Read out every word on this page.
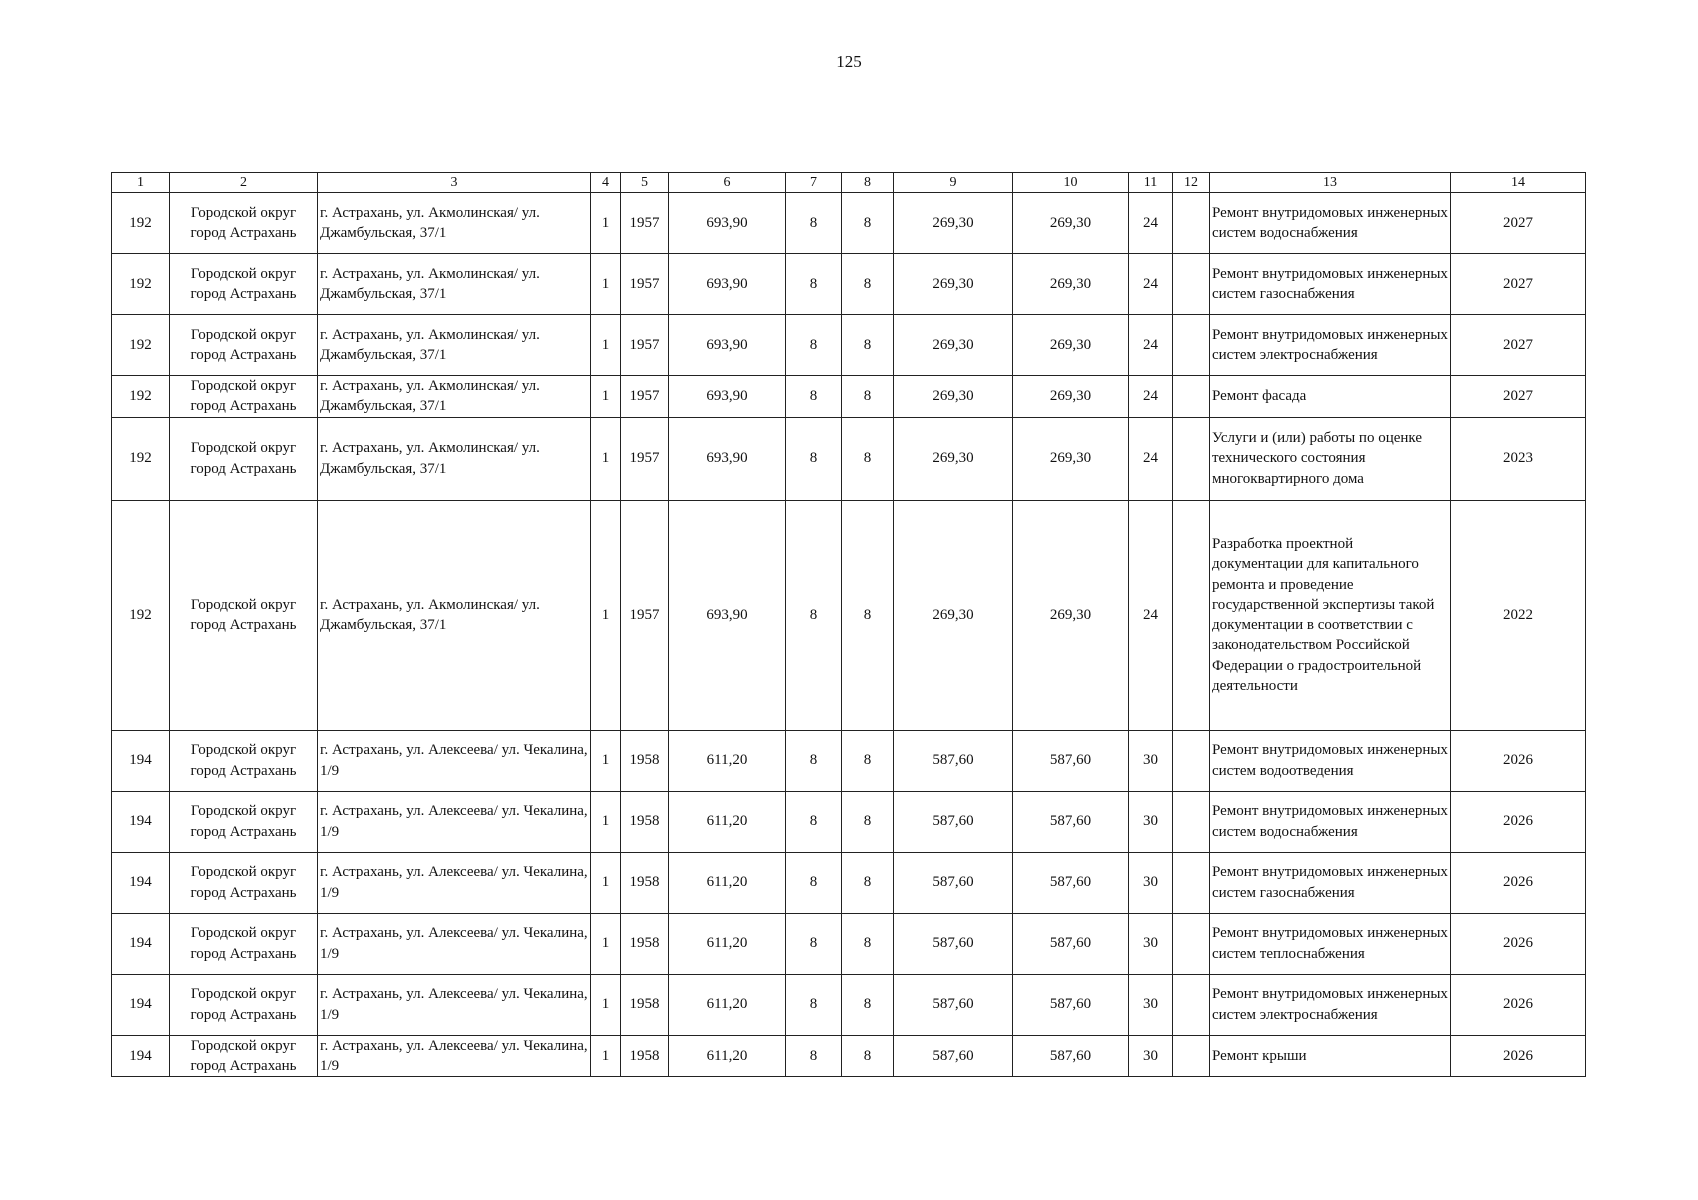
125
1	2	3	4	5	6	7	8	9	10	11	12	13	14
192	Городской округ город Астрахань	г. Астрахань, ул. Акмолинская/ ул. Джамбульская, 37/1	1	1957	693,90	8	8	269,30	269,30	24		Ремонт внутридомовых инженерных систем водоснабжения	2027
192	Городской округ город Астрахань	г. Астрахань, ул. Акмолинская/ ул. Джамбульская, 37/1	1	1957	693,90	8	8	269,30	269,30	24		Ремонт внутридомовых инженерных систем газоснабжения	2027
192	Городской округ город Астрахань	г. Астрахань, ул. Акмолинская/ ул. Джамбульская, 37/1	1	1957	693,90	8	8	269,30	269,30	24		Ремонт внутридомовых инженерных систем электроснабжения	2027
192	Городской округ город Астрахань	г. Астрахань, ул. Акмолинская/ ул. Джамбульская, 37/1	1	1957	693,90	8	8	269,30	269,30	24		Ремонт фасада	2027
192	Городской округ город Астрахань	г. Астрахань, ул. Акмолинская/ ул. Джамбульская, 37/1	1	1957	693,90	8	8	269,30	269,30	24		Услуги и (или) работы по оценке технического состояния многоквартирного дома	2023
192	Городской округ город Астрахань	г. Астрахань, ул. Акмолинская/ ул. Джамбульская, 37/1	1	1957	693,90	8	8	269,30	269,30	24		Разработка проектной документации для капитального ремонта и проведение государственной экспертизы такой документации в соответствии с законодательством Российской Федерации о градостроительной деятельности	2022
194	Городской округ город Астрахань	г. Астрахань, ул. Алексеева/ ул. Чекалина, 1/9	1	1958	611,20	8	8	587,60	587,60	30		Ремонт внутридомовых инженерных систем водоотведения	2026
194	Городской округ город Астрахань	г. Астрахань, ул. Алексеева/ ул. Чекалина, 1/9	1	1958	611,20	8	8	587,60	587,60	30		Ремонт внутридомовых инженерных систем водоснабжения	2026
194	Городской округ город Астрахань	г. Астрахань, ул. Алексеева/ ул. Чекалина, 1/9	1	1958	611,20	8	8	587,60	587,60	30		Ремонт внутридомовых инженерных систем газоснабжения	2026
194	Городской округ город Астрахань	г. Астрахань, ул. Алексеева/ ул. Чекалина, 1/9	1	1958	611,20	8	8	587,60	587,60	30		Ремонт внутридомовых инженерных систем теплоснабжения	2026
194	Городской округ город Астрахань	г. Астрахань, ул. Алексеева/ ул. Чекалина, 1/9	1	1958	611,20	8	8	587,60	587,60	30		Ремонт внутридомовых инженерных систем электроснабжения	2026
194	Городской округ город Астрахань	г. Астрахань, ул. Алексеева/ ул. Чекалина, 1/9	1	1958	611,20	8	8	587,60	587,60	30		Ремонт крыши	2026
